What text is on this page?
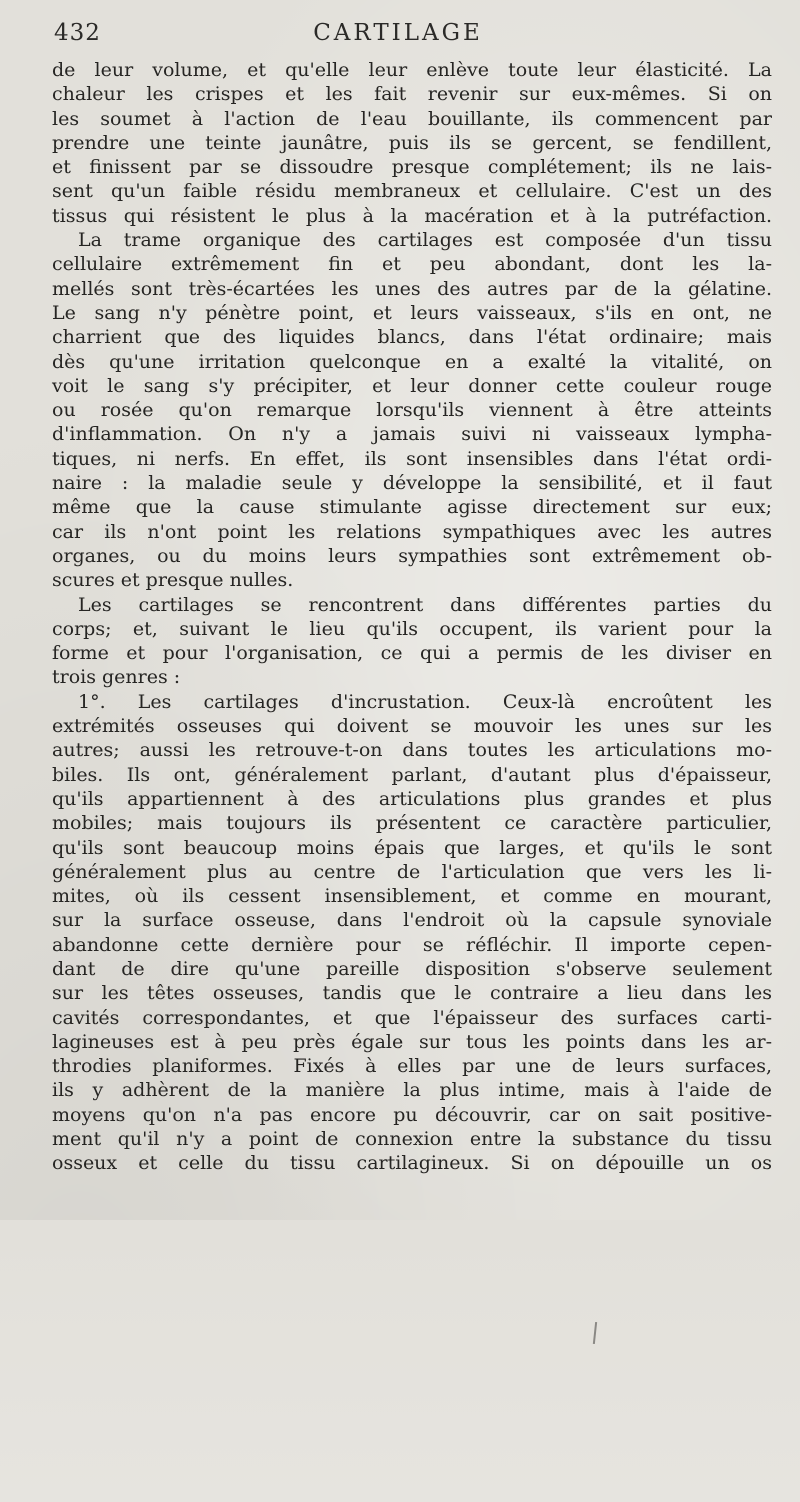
432	CARTILAGE
de leur volume, et qu'elle leur enlève toute leur élasticité. La
chaleur les crispes et les fait revenir sur eux-mêmes. Si on
les soumet à l'action de l'eau bouillante, ils commencent par
prendre une teinte jaunâtre, puis ils se gercent, se fendillent,
et finissent par se dissoudre presque complétement; ils ne lais-
sent qu'un faible résidu membraneux et cellulaire. C'est un des
tissus qui résistent le plus à la macération et à la putréfaction.
La trame organique des cartilages est composée d'un tissu
cellulaire extrêmement fin et peu abondant, dont les la-
mellés sont très-écartées les unes des autres par de la gélatine.
Le sang n'y pénètre point, et leurs vaisseaux, s'ils en ont, ne
charrient que des liquides blancs, dans l'état ordinaire; mais
dès qu'une irritation quelconque en a exalté la vitalité, on
voit le sang s'y précipiter, et leur donner cette couleur rouge
ou rosée qu'on remarque lorsqu'ils viennent à être atteints
d'inflammation. On n'y a jamais suivi ni vaisseaux lympha-
tiques, ni nerfs. En effet, ils sont insensibles dans l'état ordi-
naire : la maladie seule y développe la sensibilité, et il faut
même que la cause stimulante agisse directement sur eux;
car ils n'ont point les relations sympathiques avec les autres
organes, ou du moins leurs sympathies sont extrêmement ob-
scures et presque nulles.
Les cartilages se rencontrent dans différentes parties du
corps; et, suivant le lieu qu'ils occupent, ils varient pour la
forme et pour l'organisation, ce qui a permis de les diviser en
trois genres :
1°. Les cartilages d'incrustation. Ceux-là encroûtent les
extrémités osseuses qui doivent se mouvoir les unes sur les
autres; aussi les retrouve-t-on dans toutes les articulations mo-
biles. Ils ont, généralement parlant, d'autant plus d'épaisseur,
qu'ils appartiennent à des articulations plus grandes et plus
mobiles; mais toujours ils présentent ce caractère particulier,
qu'ils sont beaucoup moins épais que larges, et qu'ils le sont
généralement plus au centre de l'articulation que vers les li-
mites, où ils cessent insensiblement, et comme en mourant,
sur la surface osseuse, dans l'endroit où la capsule synoviale
abandonne cette dernière pour se réfléchir. Il importe cepen-
dant de dire qu'une pareille disposition s'observe seulement
sur les têtes osseuses, tandis que le contraire a lieu dans les
cavités correspondantes, et que l'épaisseur des surfaces carti-
lagineuses est à peu près égale sur tous les points dans les ar-
throdies planiformes. Fixés à elles par une de leurs surfaces,
ils y adhèrent de la manière la plus intime, mais à l'aide de
moyens qu'on n'a pas encore pu découvrir, car on sait positive-
ment qu'il n'y a point de connexion entre la substance du tissu
osseux et celle du tissu cartilagineux. Si on dépouille un os
